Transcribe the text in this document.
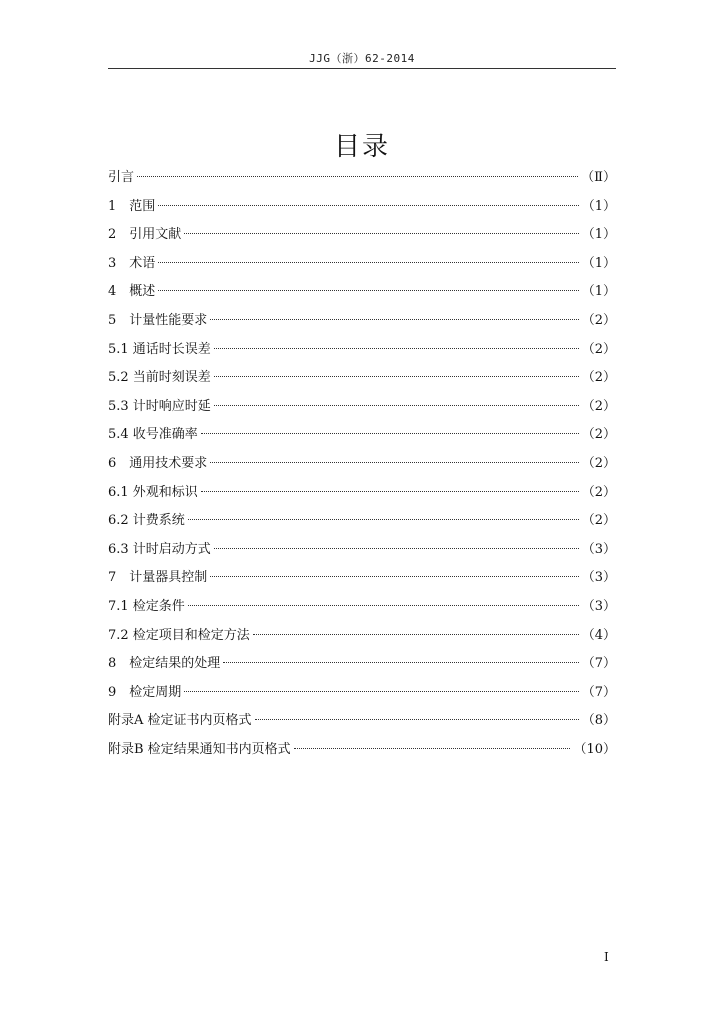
JJG（浙）62-2014
目录
引言	（Ⅱ）
1　范围	（1）
2　引用文献	（1）
3　术语	（1）
4　概述	（1）
5　计量性能要求	（2）
5.1 通话时长误差	（2）
5.2 当前时刻误差	（2）
5.3 计时响应时延	（2）
5.4 收号准确率	（2）
6　通用技术要求	（2）
6.1 外观和标识	（2）
6.2 计费系统	（2）
6.3 计时启动方式	（3）
7　计量器具控制	（3）
7.1 检定条件	（3）
7.2 检定项目和检定方法	（4）
8　检定结果的处理	（7）
9　检定周期	（7）
附录A 检定证书内页格式	（8）
附录B 检定结果通知书内页格式	（10）
I
